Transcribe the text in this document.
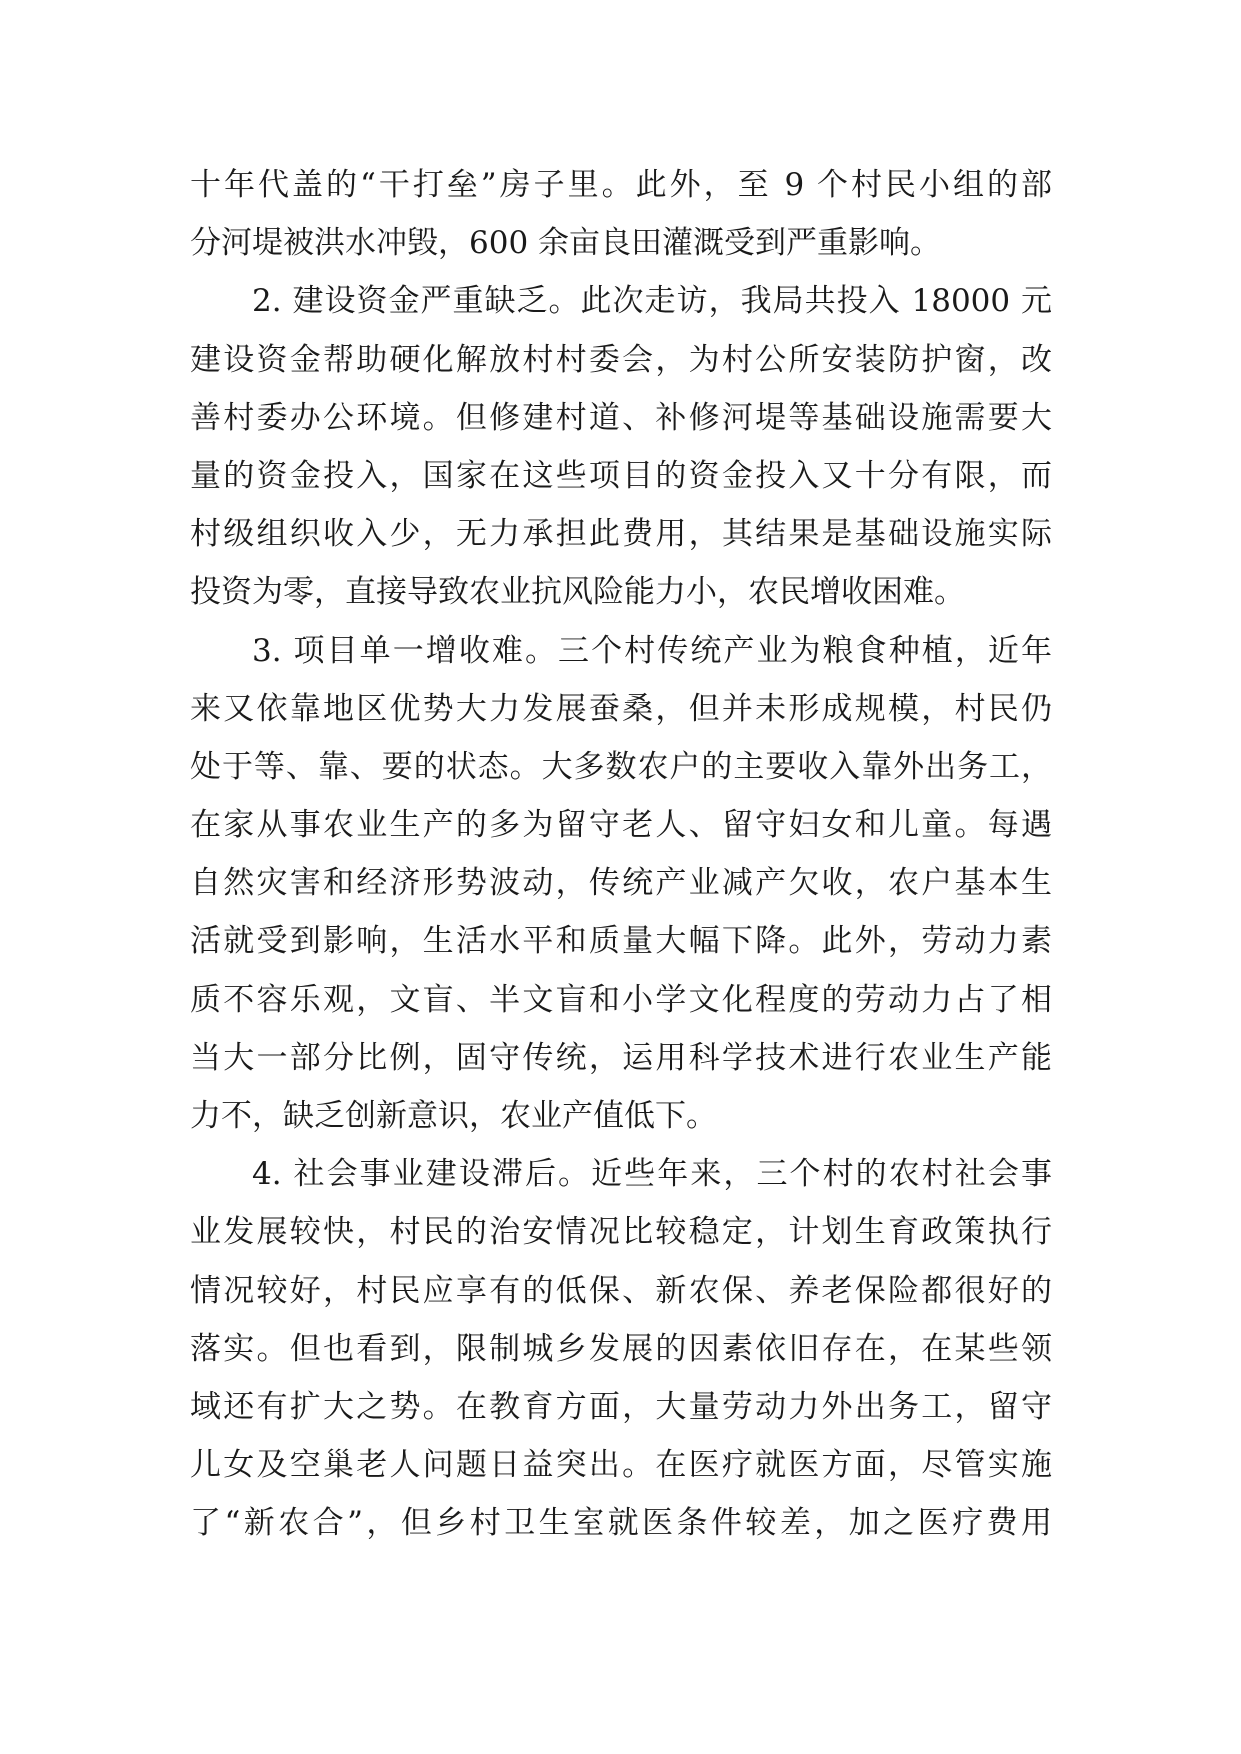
十年代盖的“干打垒”房子里。此外，至 9 个村民小组的部
分河堤被洪水冲毁，600 余亩良田灌溉受到严重影响。
2. 建设资金严重缺乏。此次走访，我局共投入 18000 元
建设资金帮助硬化解放村村委会，为村公所安装防护窗，改
善村委办公环境。但修建村道、补修河堤等基础设施需要大
量的资金投入，国家在这些项目的资金投入又十分有限，而
村级组织收入少，无力承担此费用，其结果是基础设施实际
投资为零，直接导致农业抗风险能力小，农民增收困难。
3. 项目单一增收难。三个村传统产业为粮食种植，近年
来又依靠地区优势大力发展蚕桑，但并未形成规模，村民仍
处于等、靠、要的状态。大多数农户的主要收入靠外出务工，
在家从事农业生产的多为留守老人、留守妇女和儿童。每遇
自然灾害和经济形势波动，传统产业减产欠收，农户基本生
活就受到影响，生活水平和质量大幅下降。此外，劳动力素
质不容乐观，文盲、半文盲和小学文化程度的劳动力占了相
当大一部分比例，固守传统，运用科学技术进行农业生产能
力不，缺乏创新意识，农业产值低下。
4. 社会事业建设滞后。近些年来，三个村的农村社会事
业发展较快，村民的治安情况比较稳定，计划生育政策执行
情况较好，村民应享有的低保、新农保、养老保险都很好的
落实。但也看到，限制城乡发展的因素依旧存在，在某些领
域还有扩大之势。在教育方面，大量劳动力外出务工，留守
儿女及空巢老人问题日益突出。在医疗就医方面，尽管实施
了“新农合”，但乡村卫生室就医条件较差，加之医疗费用
